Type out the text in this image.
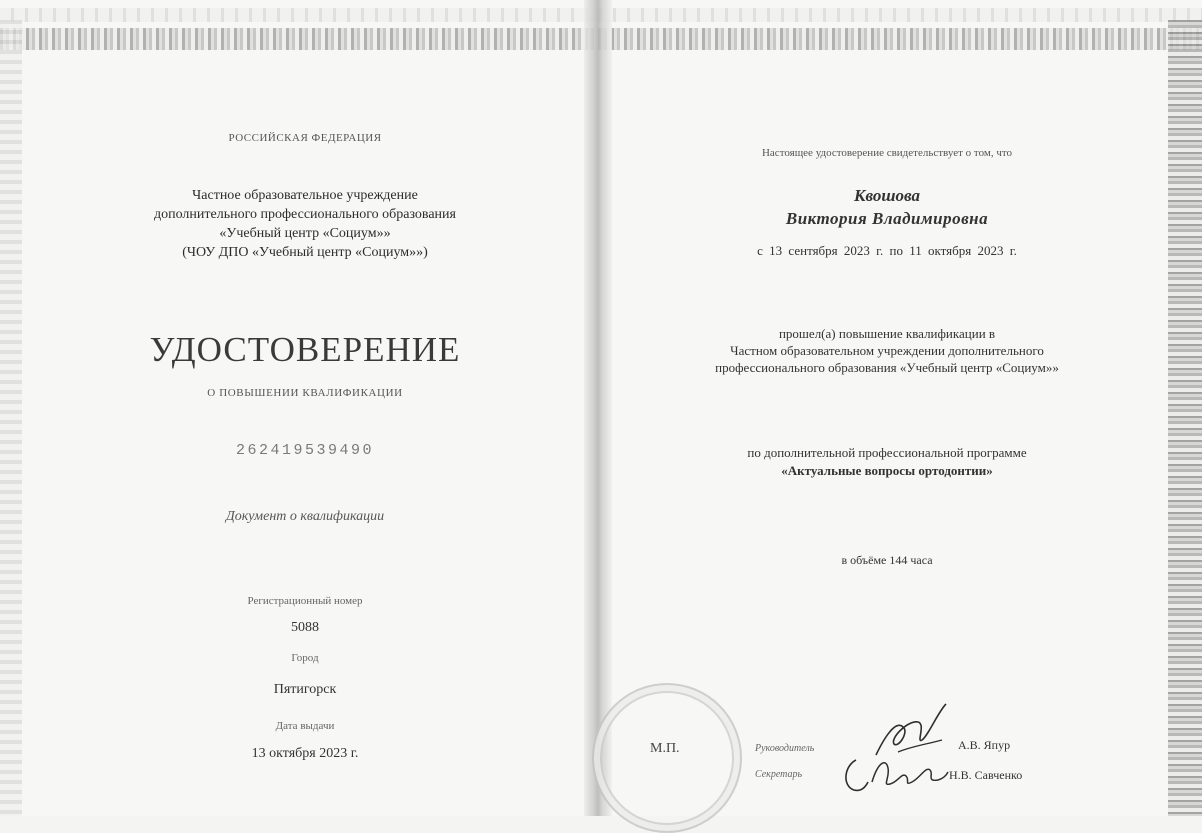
РОССИЙСКАЯ ФЕДЕРАЦИЯ

Частное образовательное учреждение
дополнительного профессионального образования
«Учебный центр «Социум»»
(ЧОУ ДПО «Учебный центр «Социум»»)

УДОСТОВЕРЕНИЕ

О ПОВЫШЕНИИ КВАЛИФИКАЦИИ

262419539490

Документ о квалификации

Регистрационный номер

5088

Город

Пятигорск

Дата выдачи

13 октября 2023 г.

Настоящее удостоверение свидетельствует о том, что

Квошова

Виктория Владимировна

с 13 сентября 2023 г. по 11 октября 2023 г.

прошел(а) повышение квалификации в
Частном образовательном учреждении дополнительного
профессионального образования «Учебный центр «Социум»»
по дополнительной профессиональной программе
«Актуальные вопросы ортодонтии»

в объёме 144 часа

М.П.	Руководитель	А.В. Япур
Секретарь	Н.В. Савченко
